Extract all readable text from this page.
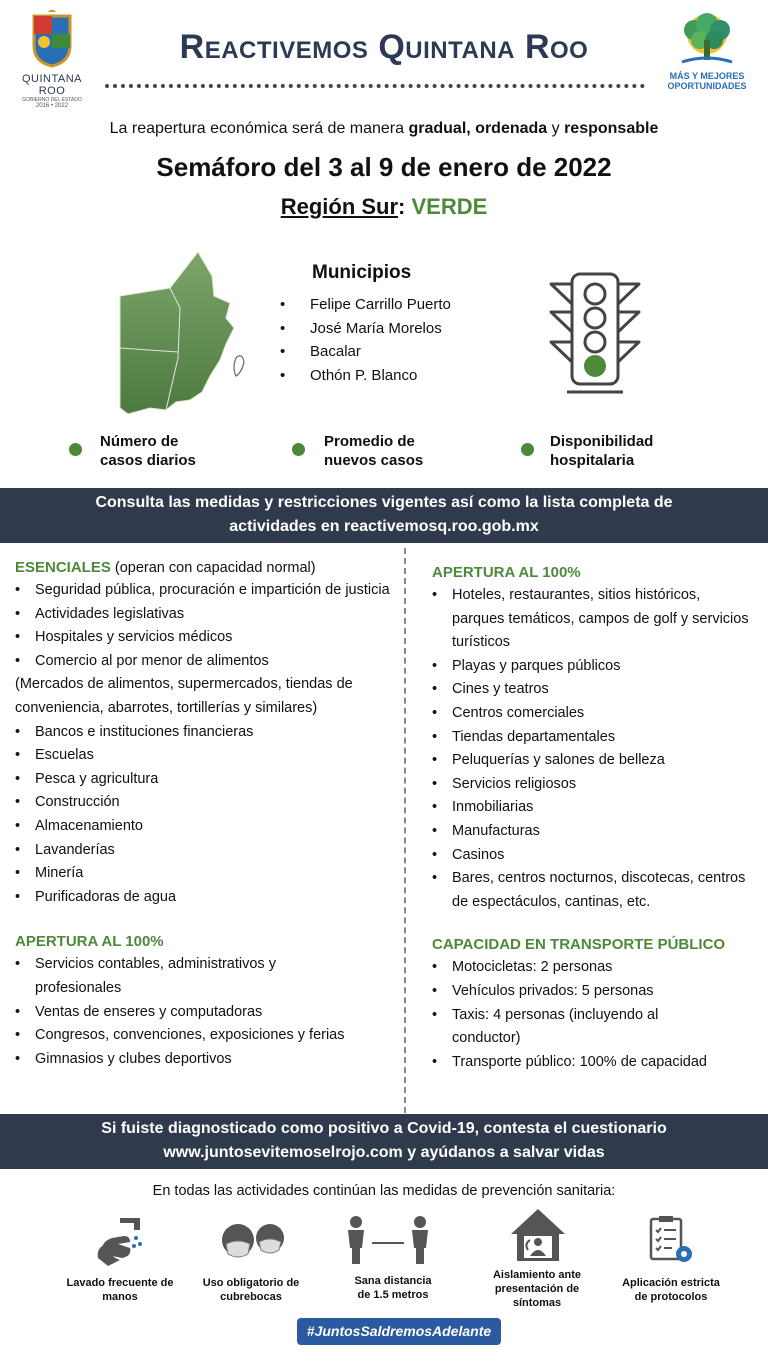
QUINTANA ROO
GOBIERNO DEL ESTADO
2016 • 2022
Reactivemos Quintana Roo
MÁS Y MEJORES
OPORTUNIDADES
La reapertura económica será de manera gradual, ordenada y responsable
Semáforo del 3 al 9 de enero de 2022
Región Sur: VERDE
Municipios
• Felipe Carrillo Puerto
• José María Morelos
• Bacalar
• Othón P. Blanco
Número de
casos diarios
Promedio de
nuevos casos
Disponibilidad
hospitalaria
Consulta las medidas y restricciones vigentes así como la lista completa de
actividades en reactivemosq.roo.gob.mx
ESENCIALES (operan con capacidad normal)
• Seguridad pública, procuración e impartición de justicia
• Actividades legislativas
• Hospitales y servicios médicos
• Comercio al por menor de alimentos
(Mercados de alimentos, supermercados, tiendas de conveniencia, abarrotes, tortillerías y similares)
• Bancos e instituciones financieras
• Escuelas
• Pesca y agricultura
• Construcción
• Almacenamiento
• Lavanderías
• Minería
• Purificadoras de agua
APERTURA AL 100%
• Servicios contables, administrativos y profesionales
• Ventas de enseres y computadoras
• Congresos, convenciones, exposiciones y ferias
• Gimnasios y clubes deportivos
APERTURA AL 100%
• Hoteles, restaurantes, sitios históricos, parques temáticos, campos de golf y servicios turísticos
• Playas y parques públicos
• Cines y teatros
• Centros comerciales
• Tiendas departamentales
• Peluquerías y salones de belleza
• Servicios religiosos
• Inmobiliarias
• Manufacturas
• Casinos
• Bares, centros nocturnos, discotecas, centros de espectáculos, cantinas, etc.
CAPACIDAD EN TRANSPORTE PÚBLICO
• Motocicletas: 2 personas
• Vehículos privados: 5 personas
• Taxis: 4 personas (incluyendo al conductor)
• Transporte público: 100% de capacidad
Si fuiste diagnosticado como positivo a Covid-19, contesta el cuestionario
www.juntosevitemoselrojo.com y ayúdanos a salvar vidas
En todas las actividades continúan las medidas de prevención sanitaria:
Lavado frecuente de
manos
Uso obligatorio de
cubrebocas
Sana distancia
de 1.5 metros
Aislamiento ante
presentación de
síntomas
Aplicación estricta
de protocolos
#JuntosSaldremosAdelante
